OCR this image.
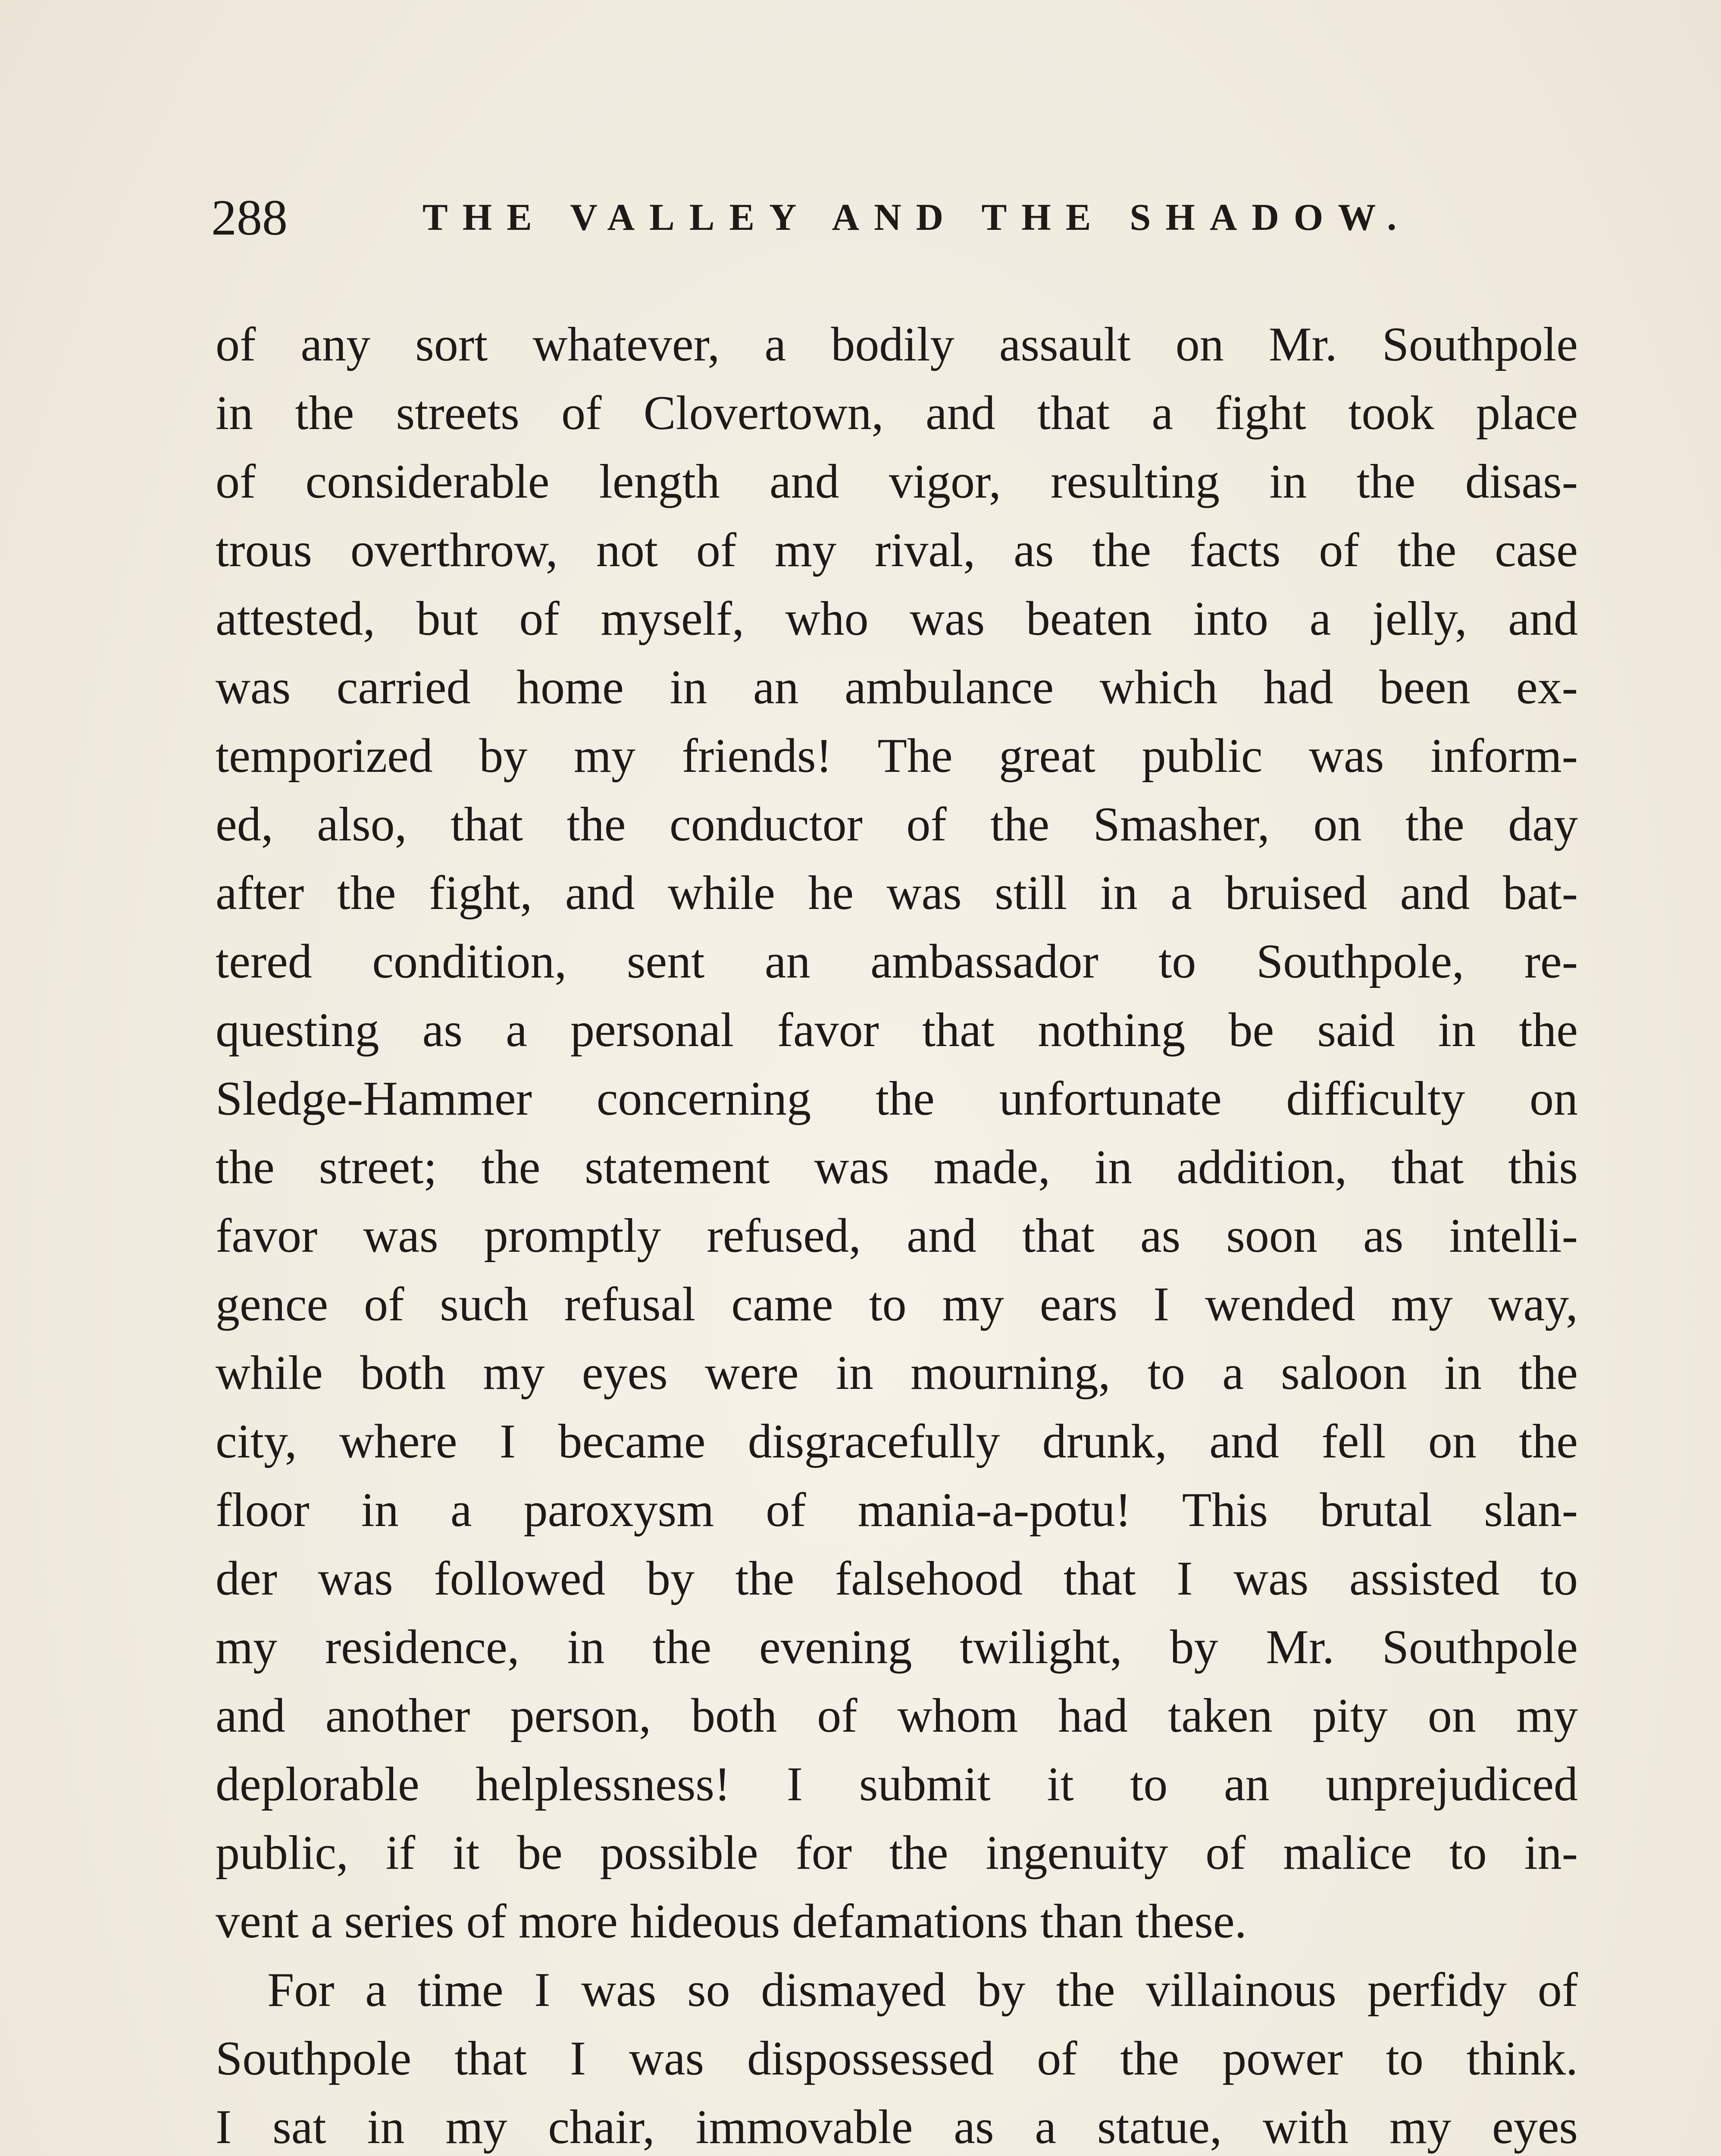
288	THE VALLEY AND THE SHADOW.
of any sort whatever, a bodily assault on Mr. Southpole
in the streets of Clovertown, and that a fight took place
of considerable length and vigor, resulting in the disas-
trous overthrow, not of my rival, as the facts of the case
attested, but of myself, who was beaten into a jelly, and
was carried home in an ambulance which had been ex-
temporized by my friends! The great public was inform-
ed, also, that the conductor of the Smasher, on the day
after the fight, and while he was still in a bruised and bat-
tered condition, sent an ambassador to Southpole, re-
questing as a personal favor that nothing be said in the
Sledge-Hammer concerning the unfortunate difficulty on
the street; the statement was made, in addition, that this
favor was promptly refused, and that as soon as intelli-
gence of such refusal came to my ears I wended my way,
while both my eyes were in mourning, to a saloon in the
city, where I became disgracefully drunk, and fell on the
floor in a paroxysm of mania-a-potu! This brutal slan-
der was followed by the falsehood that I was assisted to
my residence, in the evening twilight, by Mr. Southpole
and another person, both of whom had taken pity on my
deplorable helplessness! I submit it to an unprejudiced
public, if it be possible for the ingenuity of malice to in-
vent a series of more hideous defamations than these.
For a time I was so dismayed by the villainous perfidy of
Southpole that I was dispossessed of the power to think.
I sat in my chair, immovable as a statue, with my eyes
